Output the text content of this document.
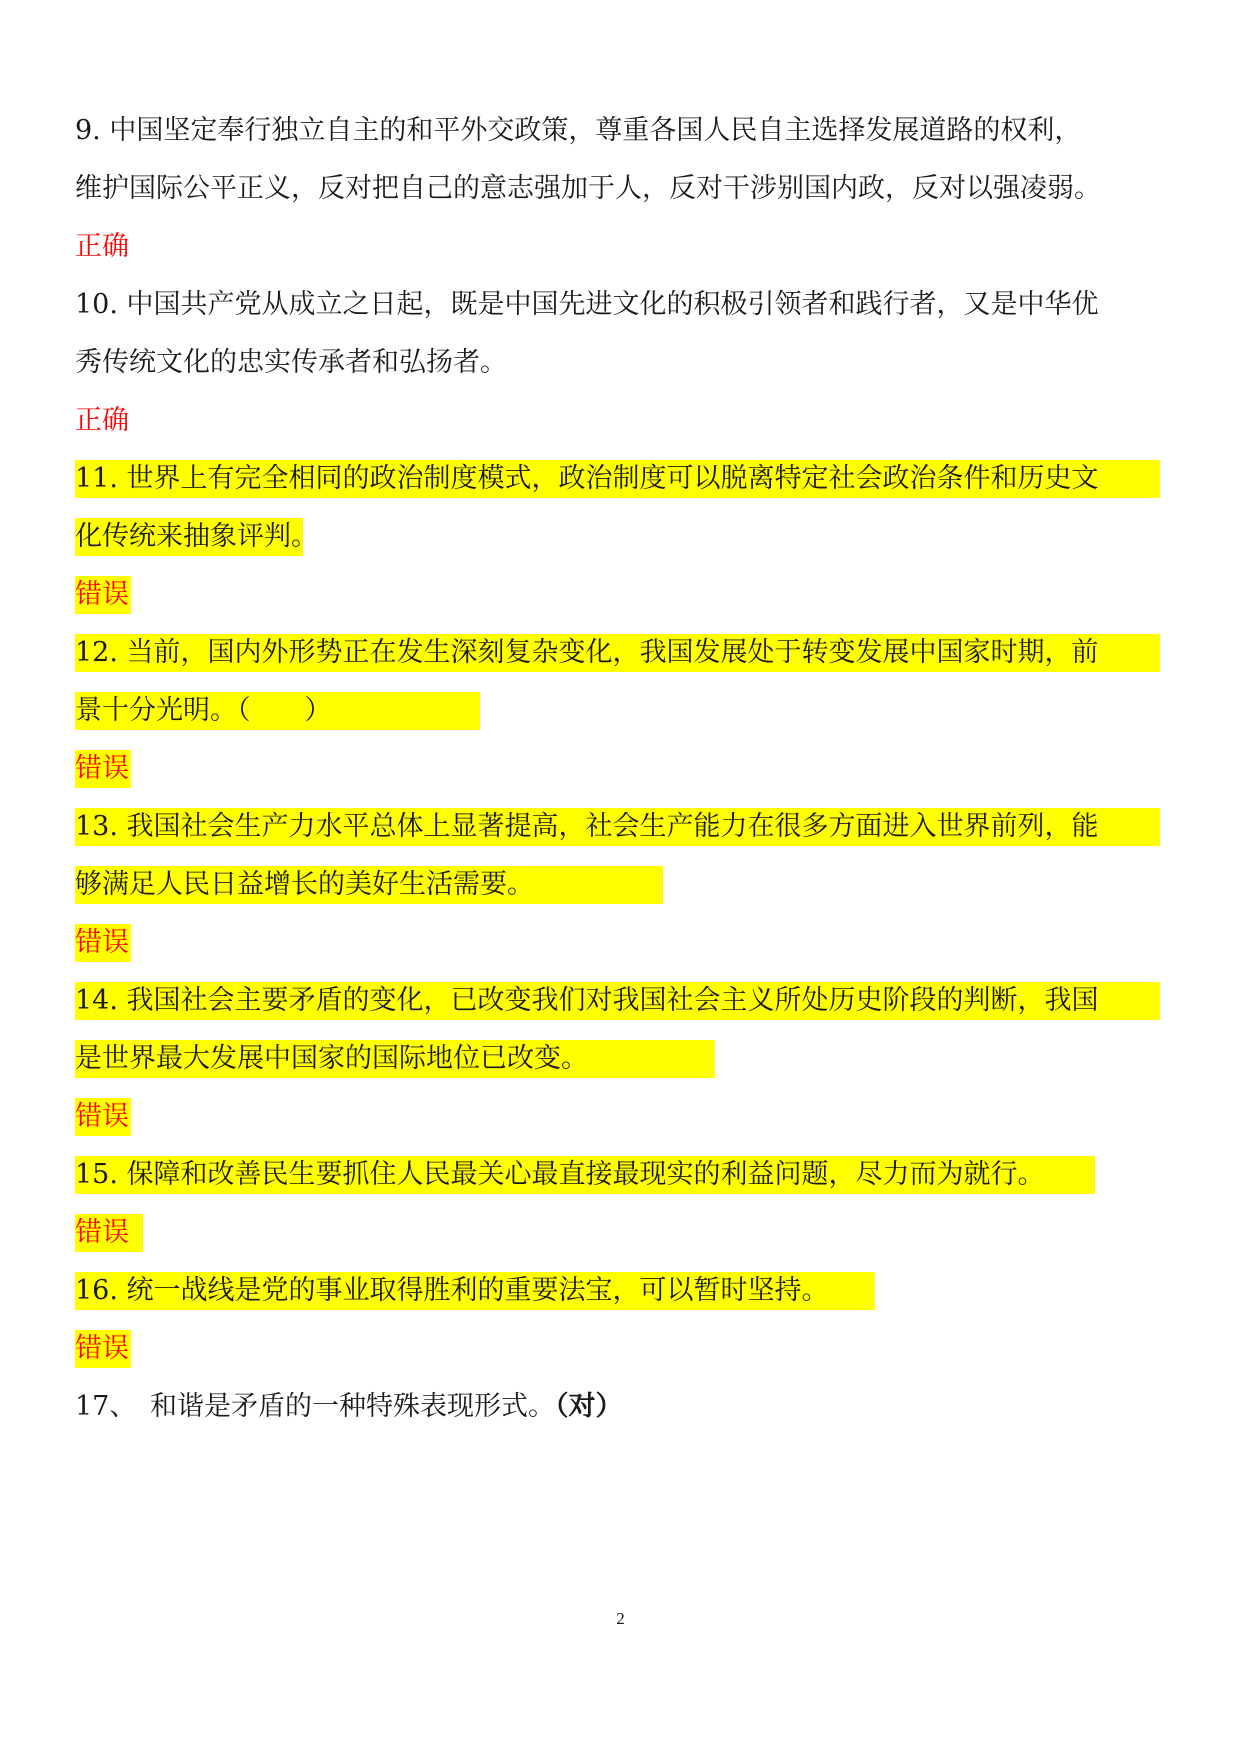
9. 中国坚定奉行独立自主的和平外交政策，尊重各国人民自主选择发展道路的权利，

维护国际公平正义，反对把自己的意志强加于人，反对干涉别国内政，反对以强凌弱。

正确

10. 中国共产党从成立之日起，既是中国先进文化的积极引领者和践行者，又是中华优

秀传统文化的忠实传承者和弘扬者。

正确

11. 世界上有完全相同的政治制度模式，政治制度可以脱离特定社会政治条件和历史文

化传统来抽象评判。

错误

12. 当前，国内外形势正在发生深刻复杂变化，我国发展处于转变发展中国家时期，前

景十分光明。（　　）

错误

13. 我国社会生产力水平总体上显著提高，社会生产能力在很多方面进入世界前列，能

够满足人民日益增长的美好生活需要。

错误

14. 我国社会主要矛盾的变化，已改变我们对我国社会主义所处历史阶段的判断，我国

是世界最大发展中国家的国际地位已改变。

错误

15. 保障和改善民生要抓住人民最关心最直接最现实的利益问题，尽力而为就行。

错误

16. 统一战线是党的事业取得胜利的重要法宝，可以暂时坚持。

错误

17、 和谐是矛盾的一种特殊表现形式。（对）

2
